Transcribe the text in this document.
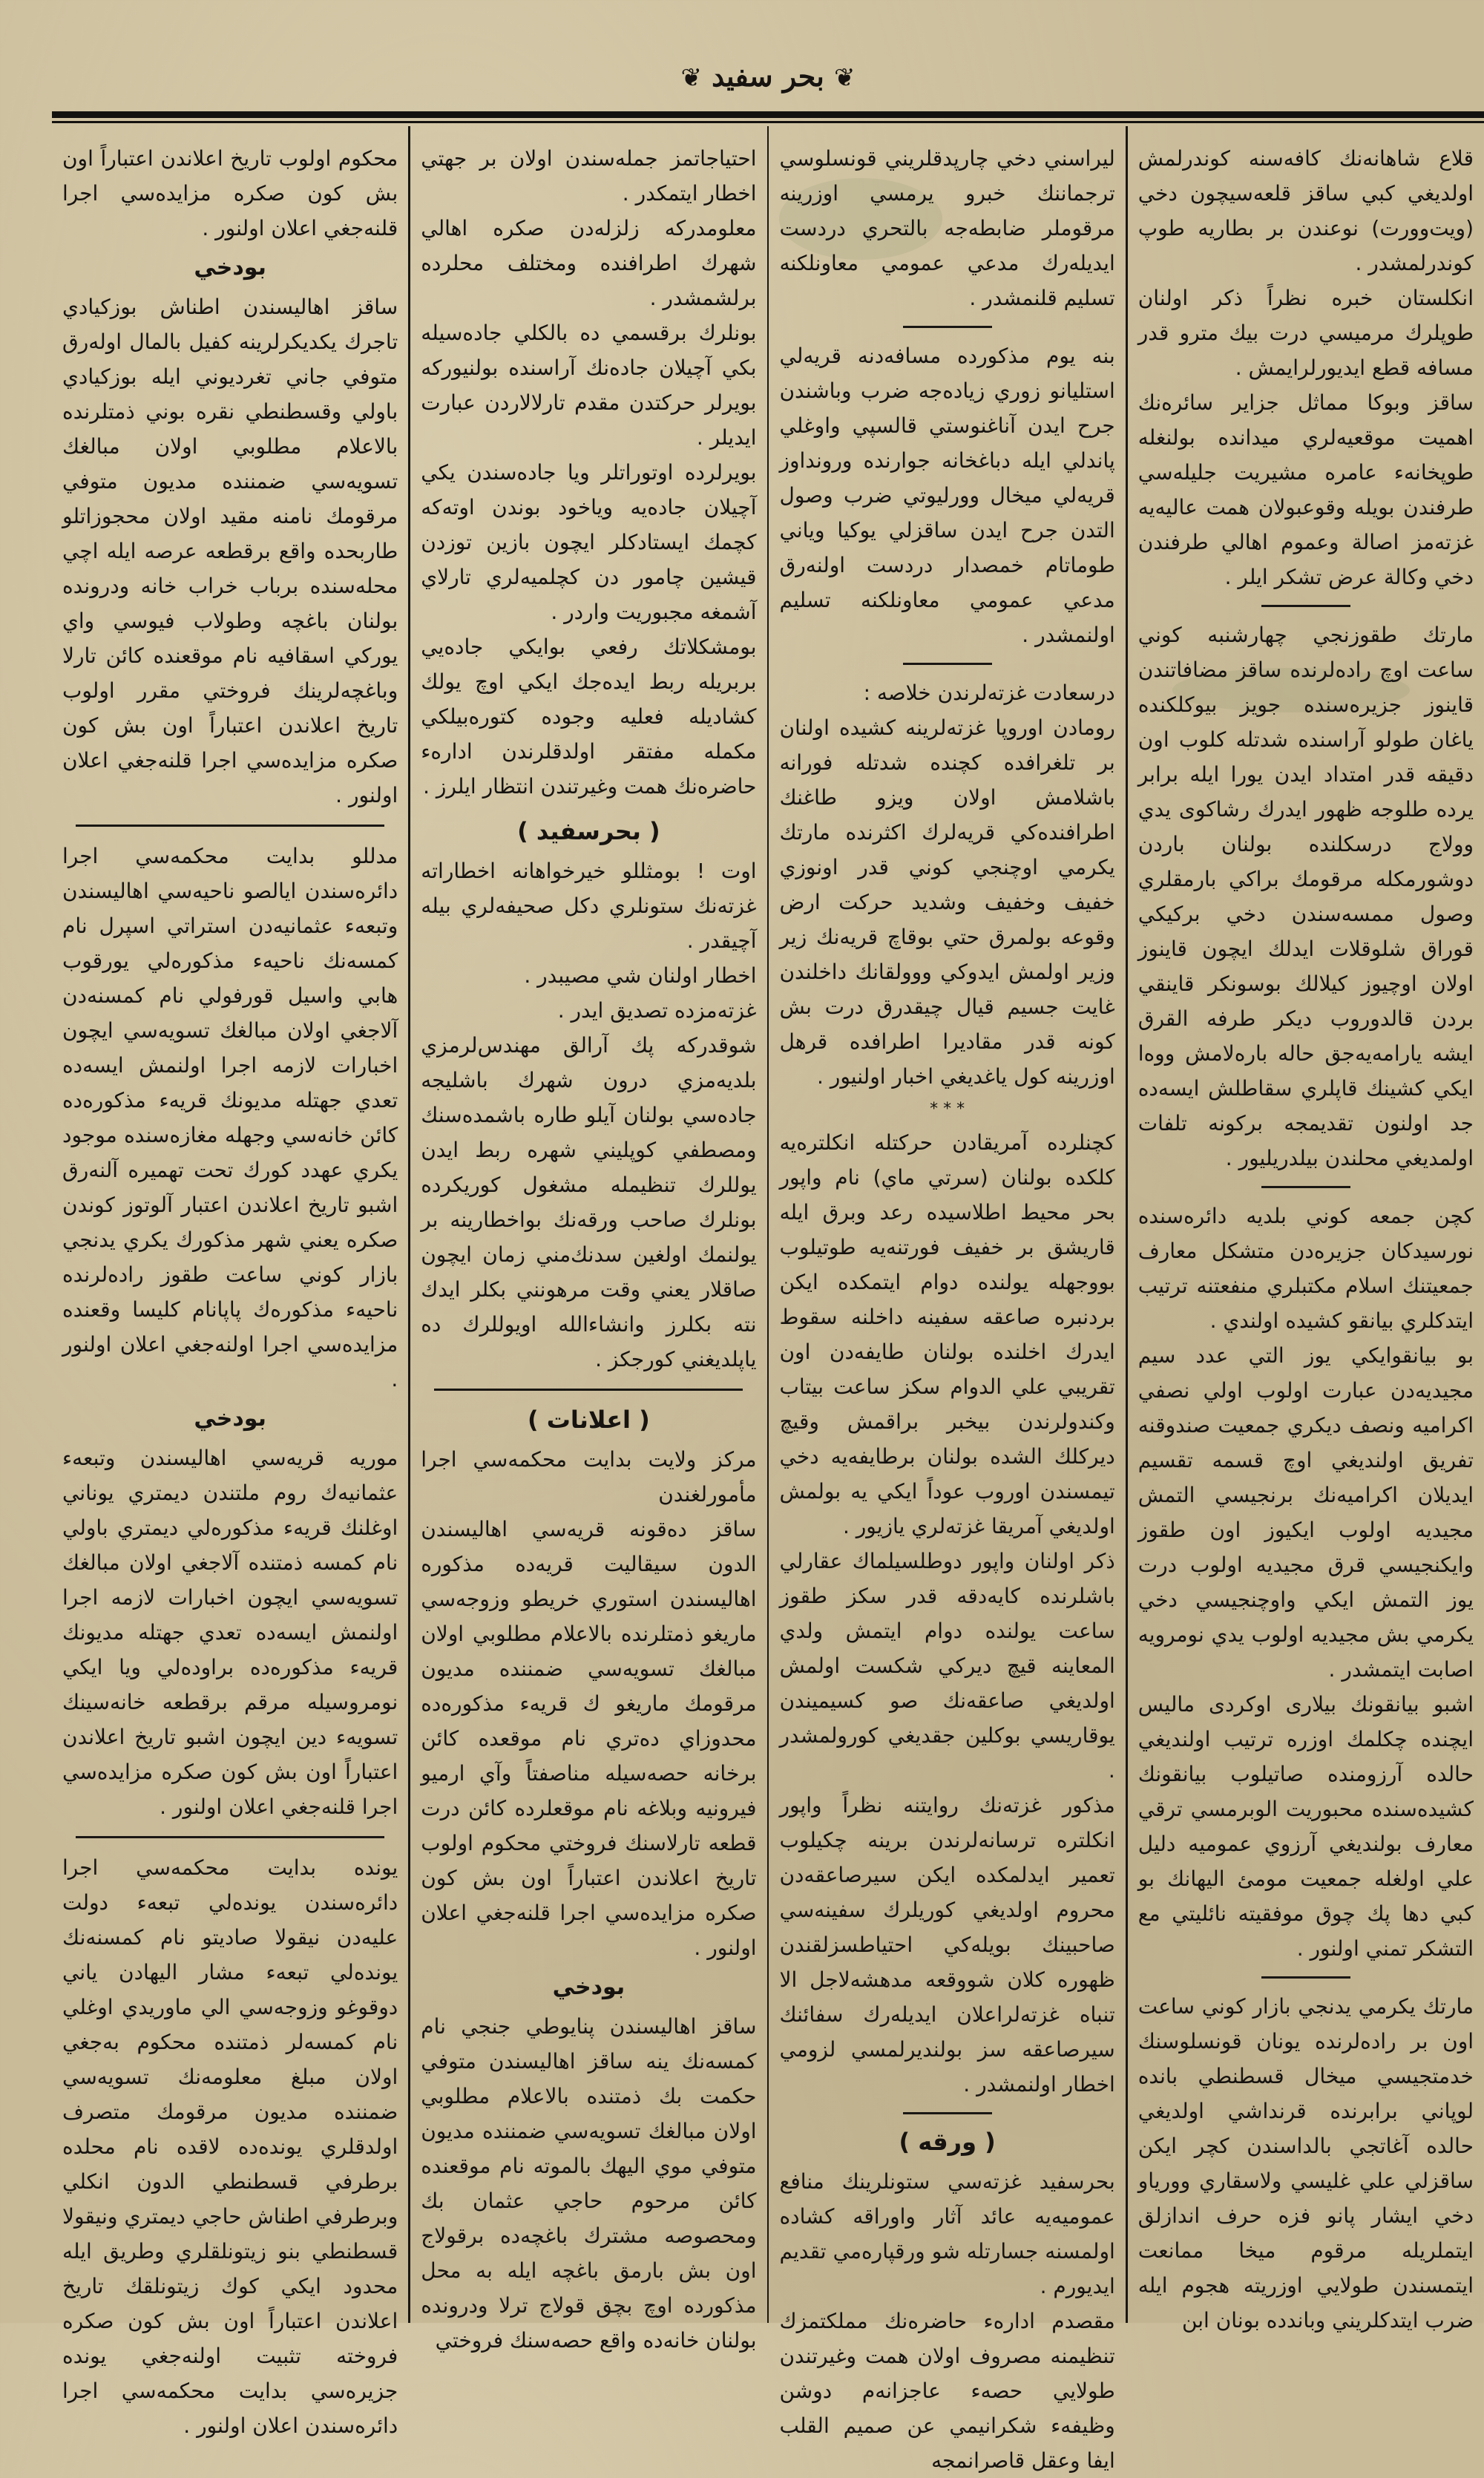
❦ بحر سفيد ❦

قلاع شاهانه‌نك كافه‌سنه كوندرلمش اولديغي كبي ساقز قلعه‌سيچون دخي (ويت‌وورت) نوعندن بر بطاريه طوپ كوندرلمشدر .

انكلستان خبره نظراً ذكر اولنان طوپلرك مرميسي درت بيك مترو قدر مسافه قطع ايديورلرايمش .

ساقز وبوكا مماثل جزاير سائره‌نك اهميت موقعيه‌لري ميدانده بولنغله طوپخانه‌ء عامره مشيريت جليله‌سي طرفندن بويله وقوعبولان همت عاليه‌يه غزته‌مز اصالة وعموم اهالي طرفندن دخي وكالة عرض تشكر ايلر .

مارتك طقوزنجي چهارشنبه كوني ساعت اوچ راده‌لرنده ساقز مضافاتندن قاينوز جزيره‌سنده جويز بيوكلكنده ياغان طولو آراسنده شدتله كلوب اون دقيقه قدر امتداد ايدن يورا ايله برابر يرده طلوجه ظهور ايدرك رشاكوى يدي وولاج درسكلنده بولنان باردن دوشورمكله مرقومك براكي بارمقلري وصول ممسه‌سندن دخي بركيكي قوراق شلوقلات ايدلك ايچون قاينوز اولان اوچيوز كيلا‌لك بوسونكر قاينقي بردن قالدوروب ديكر طرفه القرق ايشه يارامه‌يه‌جق حاله باره‌لامش ووه‌ا ايكي كشينك قاپلري سقاطلش ايسه‌ده جد اولنون تقديمجه بركونه تلفات اولمديغي محلندن بيلدريليور .

كچن جمعه كوني بلديه دائره‌سنده نورسيدكان جزيره‌دن متشكل معارف جمعيتنك اسلام مكتبلري منفعتنه ترتيب ايتدكلري بيانقو كشيده اولندي .

بو بيانقوايكي يوز التي عدد سيم مجيديه‌دن عبارت اولوب اولي نصفي اكراميه ونصف ديكري جمعيت صندوقنه تفريق اولنديغي اوچ قسمه تقسيم ايديلان اكراميه‌نك برنجيسي التمش مجيديه اولوب ايكيوز اون طقوز وايكنجيسي قرق مجيديه اولوب درت يوز التمش ايكي واوچنجيسي دخي يكرمي بش مجيديه اولوب يدي نومرويه اصابت ايتمشدر .

اشبو بيانقونك بيلارى اوكردى ماليس ايچنده چكلمك اوزره ترتيب اولنديغي حالده آرزومنده صاتيلوب بيانقونك كشيده‌سنده محبوريت الوبرمسي ترقي معارف بولنديغي آرزوي عموميه دليل علي اولغله جمعيت مومئ اليهانك بو كبي دها پك چوق موفقيته نائليتي مع التشكر تمني اولنور .

مارتك يكرمي يدنجي بازار كوني ساعت اون بر راده‌لرنده يونان قونسلوسنك خدمتجيسي ميخال قسطنطي بانده لوپاني برابرنده قرنداشي اولديغي حالده آغاتجي بالداسندن كچر ايكن ساقزلي علي غليسي ولاسقاري وورياو دخي ايشار پانو فزه حرف اندازلق ايتملريله مرقوم ميخا ممانعت ايتمسندن طولايي اوزريته هجوم ايله ضرب ايتدكلريني وباندده بونان ابن

ليراسني دخي چارپدقلريني قونسلوسي ترجماننك خبرو يرمسي اوزرينه مرقوملر ضابطه‌جه بالتحري دردست ايديله‌رك مدعي عمومي معاونلكنه تسليم قلنمشدر .

بنه يوم مذكورده مسافه‌دنه قريه‌لي استليانو زوري زياده‌جه ضرب وباشندن جرح ايدن آناغنوستي قالسپي واوغلي پاندلي ايله دباغخانه جوارنده ورونداوز قريه‌لي ميخال وورليوتي ضرب وصول التدن جرح ايدن ساقزلي يوكيا وياني طوماتام خمصدار دردست اولنه‌رق مدعي عمومي معاونلكنه تسليم اولنمشدر .

درسعادت غزته‌لرندن خلاصه :

رومادن اوروپا غزته‌لرينه كشيده اولنان بر تلغرافده كچنده شدتله فورانه باشلامش اولان ويزو طاغنك اطرافنده‌كي قريه‌لرك اكثرنده مارتك يكرمي اوچنجي كوني قدر اونوزي خفيف وخفيف وشديد حركت ارض وقوعه بولمرق حتي بوقاچ قريه‌نك زير وزير اولمش ايدوكي ووولقانك داخلندن غايت جسيم قيال چيقدرق درت بش كونه قدر مقاديرا اطرافده قرهل اوزرينه كول ياغديغي اخبار اولنيور .

* * *

كچنلرده آمريقادن حركتله انكلتره‌يه كلكده بولنان (سرتي ماي) نام واپور بحر محيط اطلاسيده رعد وبرق ايله قاريشق بر خفيف فورتنه‌يه طوتيلوب بووجهله يولنده دوام ايتمكده ايكن بردنبره صاعقه سفينه داخلنه سقوط ايدرك اخلنده بولنان طايفه‌دن اون تقريبي علي الدوام سكز ساعت بيتاب وكندولرندن بيخبر براقمش وقيچ ديركلك الشده بولنان برطايفه‌يه دخي تيمسندن اوروب عوداً ايكي يه بولمش اولديغي آمريقا غزته‌لري يازيور .

ذكر اولنان واپور دوطلسيلماك عقارلي باشلرنده كايه‌دقه قدر سكز طقوز ساعت يولنده دوام ايتمش ولدي المعاينه قيچ ديركي شكست اولمش اولديغي صاعقه‌نك صو كسيميندن يوقاريسي بوكلين جقديغي كورولمشدر .

مذكور غزته‌نك روايتنه نظراً واپور انكلتره ترسانه‌لرندن برينه چكيلوب تعمير ايدلمكده ايكن سيرصاعقه‌دن محروم اولديغي كوريلرك سفينه‌سي صاحبينك بويله‌كي احتياطسزلقندن ظهوره كلان شووقعه مدهشه‌لاجل الا تنباه غزته‌لراعلان ايديله‌رك سفائنك سيرصاعقه سز بولنديرلمسي لزومي اخطار اولنمشدر .

( ورقه )

بحرسفيد غزته‌سي ستونلرينك منافع عموميه‌يه عائد آثار واوراقه كشاده اولمسنه جسارتله شو ورقپاره‌مي تقديم ايديورم .

مقصدم اداره‌ء حاضره‌نك مملكتمزك تنظيمنه مصروف اولان همت وغيرتندن طولايي حصه‌ء عاجزانه‌م دوشن وظيفه‌ء شكرانيمي عن صميم القلب ايفا وعقل قاصرانمجه

احتياجاتمز جمله‌سندن اولان بر جهتي اخطار ايتمكدر .

معلومدركه زلزله‌دن صكره اهالي شهرك اطرافنده ومختلف محلرده برلشمشدر .

بونلرك برقسمي ده بالكلي جاده‌سيله بكي آچيلان جاده‌نك آراسنده بولنيوركه بويرلر حركتدن مقدم تارلالاردن عبارت ايديلر .

بويرلرده اوتوراتلر ويا جاده‌سندن يكي آچيلان جاده‌يه وياخود بوندن اوته‌كه كچمك ايستادكلر ايچون بازين توزدن قيشين چامور دن كچلميه‌لري تارلاي آشمغه مجبوريت واردر .

بومشكلاتك رفعي بوايكي جاده‌يي بربريله ربط ايده‌جك ايكي اوچ يولك كشاديله فعليه وجوده كتوره‌بيلكي مكمله مفتقر اولدقلرندن اداره‌ء حاضره‌نك همت وغيرتندن انتظار ايلرز .

( بحرسفيد )

اوت ! بومثللو خيرخواهانه اخطاراته غزته‌نك ستونلري دكل صحيفه‌لري بيله آچيقدر .

اخطار اولنان شي مصيبدر .

غزته‌مزده تصديق ايدر .

شوقدركه پك ‌آرالق مهندس‌لرمزي بلديه‌مزي درون شهرك باشليجه جاده‌سي بولنان آيلو طاره باشمده‌سنك ومصطفي كوپليني شهره ربط ايدن يوللرك تنظيمله مشغول كوريكرده بونلرك صاحب ورقه‌نك بواخطارينه بر يولنمك اولغين سدنك‌مني زمان ايچون صاقلار يعني وقت مرهونني بكلر ايدك نته بكلرز وانشاءالله اويوللرك ده ياپلديغني كورجكز .

( اعلانات )

مركز ولايت بدايت محكمه‌سي اجرا مأمورلغندن

ساقز ده‌قونه قريه‌سي اهاليسندن الدون سيقاليت قريه‌ده مذكوره اهاليسندن استوري خريطو وزوجه‌سي ماريغو ذمتلرنده بالاعلام مطلوبي اولان مبالغك تسويه‌سي ضمننده مديون مرقومك ماريغو ك قريه‌ء مذكوره‌ده محدوزاي ده‌تري نام موقعده كائن برخانه حصه‌سيله مناصفتاً وآي ارميو فيرونيه وبلاغه نام موقعلرده كائن درت قطعه تارلاسنك فروختي محكوم اولوب تاريخ اعلاندن اعتباراً اون بش كون صكره مزايده‌سي اجرا قلنه‌جغي اعلان اولنور .

بودخي

ساقز اهاليسندن پنايوطي جنجي نام كمسه‌نك ينه ساقز اهاليسندن متوفي حكمت بك ذمتنده بالاعلام مطلوبي اولان مبالغك تسويه‌سي ضمننده مديون متوفي موي اليهك بالموته نام موقعنده كائن مرحوم حاجي عثمان بك ومحصوصه مشترك باغچه‌ده برقولاج اون بش بارمق باغچه ايله به محل مذكورده اوچ بچق قولاج ترلا ودرونده بولنان خانه‌ده واقع حصه‌سنك فروختي

محكوم اولوب تاريخ اعلاندن اعتباراً اون بش كون صكره مزايده‌سي اجرا قلنه‌جغي اعلان اولنور .

بودخي

ساقز اهاليسندن اطناش بوزكيادي تاجرك يكديكرلرينه كفيل بالمال اوله‌رق متوفي جاني تغرديوني ايله بوزكيادي باولي وقسطنطي نقره بوني ذمتلرنده بالاعلام مطلوبي اولان مبالغك تسويه‌سي ضمننده مديون متوفي مرقومك نامنه مقيد اولان محجوزاتلو طاربحده واقع برقطعه عرصه ايله اچي محله‌سنده برباب خراب خانه ودرونده بولنان باغچه وطولاب فيوسي واي يوركي اسقافيه نام موقعنده كائن تارلا وباغچه‌لرينك فروختي مقرر اولوب تاريخ اعلاندن اعتباراً اون بش كون صكره مزايده‌سي اجرا قلنه‌جغي اعلان اولنور .

مدللو بدايت محكمه‌سي اجرا دائره‌سندن ايالصو ناحيه‌سي اهاليسندن وتبعه‌ء عثمانيه‌دن استراتي اسپرل نام كمسه‌نك ناحيه‌ء مذكوره‌لي يورقوب هابي واسيل قورفولي نام كمسنه‌دن آلاجغي اولان مبالغك تسويه‌سي ايچون اخبارات لازمه اجرا اولنمش ايسه‌ده تعدي جهتله مديونك قريه‌ء مذكوره‌ده كائن خانه‌سي وجهله مغازه‌سنده موجود يكري عهدد كورك تحت تهميره آلنه‌رق اشبو تاريخ اعلاندن اعتبار آلوتوز كوندن صكره يعني شهر مذكورك يكري يدنجي بازار كوني ساعت طقوز راده‌لرنده ناحيه‌ء مذكوره‌ك پاپانام كليسا وقعنده مزايده‌سي اجرا اولنه‌جغي اعلان اولنور .

بودخي

موريه قريه‌سي اهاليسندن وتبعه‌ء عثمانيه‌ك روم ملتندن ديمتري يوناني اوغلنك قريه‌ء مذكوره‌لي ديمتري باولي نام كمسه ذمتنده آلاجغي اولان مبالغك تسويه‌سي ايچون اخبارات لازمه اجرا اولنمش ايسه‌ده تعدي جهتله مديونك قريه‌ء مذكوره‌ده براوده‌لي ويا ايكي نومروسيله مرقم برقطعه خانه‌سينك تسويه‌ء دين ايچون اشبو تاريخ اعلاندن اعتباراً اون بش كون صكره مزايده‌سي اجرا قلنه‌جغي اعلان اولنور .

يونده بدايت محكمه‌سي اجرا دائره‌سندن يونده‌لي تبعه‌ء دولت عليه‌دن نيقولا صاديتو نام كمسنه‌نك يونده‌لي تبعه‌ء مشار اليهادن ياني دوقوغو وزوجه‌سي الي ماوريدي اوغلي نام كمسه‌لر ذمتنده محكوم به‌جغي اولان مبلغ معلومه‌نك تسويه‌سي ضمننده مديون مرقومك متصرف اولدقلري يونده‌ده لاقده نام محلده برطرفي قسطنطي الدون انكلي وبرطرفي اطناش حاجي ديمتري ونيقولا قسطنطي بنو زيتونلقلري وطريق ايله محدود ايكي كوك زيتونلقك تاريخ اعلاندن اعتباراً اون بش كون صكره فروخته تثبيت اولنه‌جغي يونده جزيره‌سي بدايت محكمه‌سي اجرا دائره‌سندن اعلان اولنور .
